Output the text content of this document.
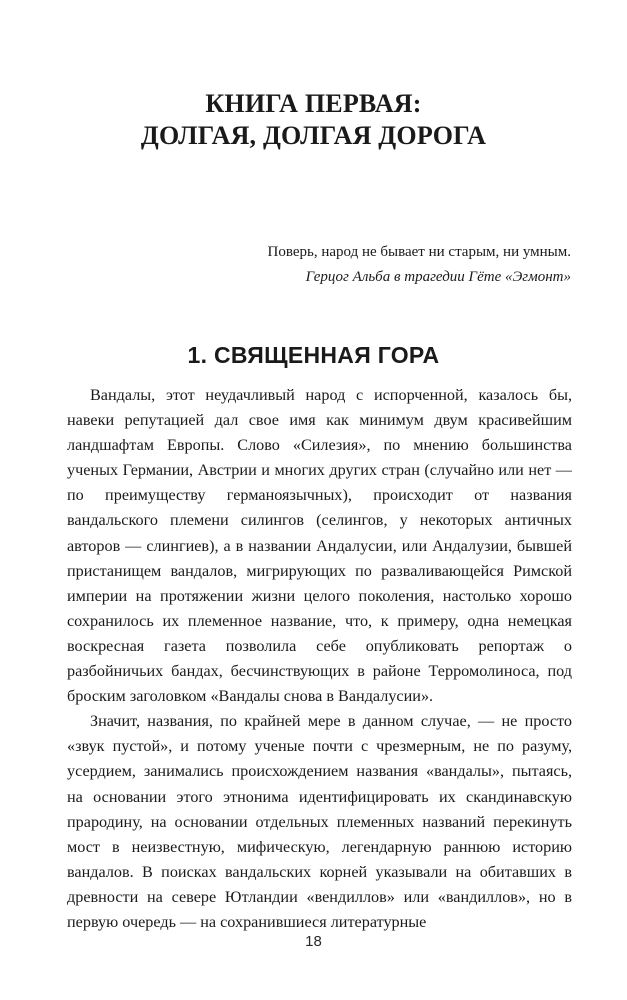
КНИГА ПЕРВАЯ:
ДОЛГАЯ, ДОЛГАЯ ДОРОГА
Поверь, народ не бывает ни старым, ни умным.
Герцог Альба в трагедии Гёте «Эгмонт»
1. СВЯЩЕННАЯ ГОРА

Вандалы, этот неудачливый народ с испорченной, казалось бы, навеки репутацией дал свое имя как минимум двум красивейшим ландшафтам Европы. Слово «Силезия», по мнению большинства ученых Германии, Австрии и многих других стран (случайно или нет — по преимуществу германоязычных), происходит от названия вандальского племени силингов (селингов, у некоторых античных авторов — слингиев), а в названии Андалусии, или Андалузии, бывшей пристанищем вандалов, мигрирующих по разваливающейся Римской империи на протяжении жизни целого поколения, настолько хорошо сохранилось их племенное название, что, к примеру, одна немецкая воскресная газета позволила себе опубликовать репортаж о разбойничьих бандах, бесчинствующих в районе Терромолиноса, под броским заголовком «Вандалы снова в Вандалусии».

Значит, названия, по крайней мере в данном случае, — не просто «звук пустой», и потому ученые почти с чрезмерным, не по разуму, усердием, занимались происхождением названия «вандалы», пытаясь, на основании этого этнонима идентифицировать их скандинавскую прародину, на основании отдельных племенных названий перекинуть мост в неизвестную, мифическую, легендарную раннюю историю вандалов. В поисках вандальских корней указывали на обитавших в древности на севере Ютландии «вендиллов» или «вандиллов», но в первую очередь — на сохранившиеся литературные

18
